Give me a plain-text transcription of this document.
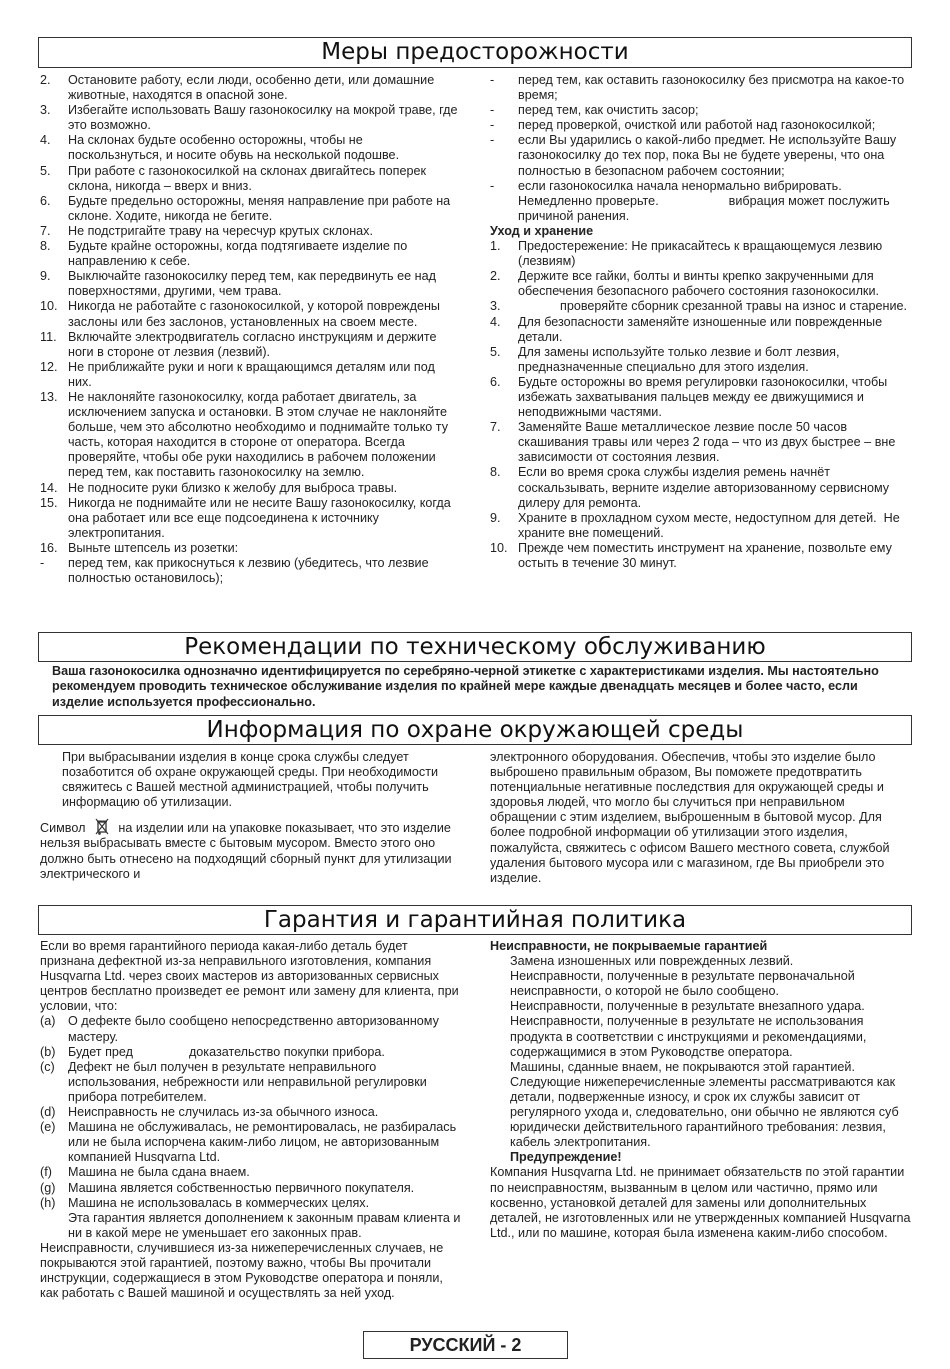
Меры предосторожности
2. Остановите работу, если люди, особенно дети, или домашние животные, находятся в опасной зоне.
3. Избегайте использовать Вашу газонокосилку на мокрой траве, где это возможно.
4. На склонах будьте особенно осторожны, чтобы не поскользнуться, и носите обувь на несколькой подошве.
5. При работе с газонокосилкой на склонах двигайтесь поперек склона, никогда – вверх и вниз.
6. Будьте предельно осторожны, меняя направление при работе на склоне. Ходите, никогда не бегите.
7. Не подстригайте траву на чересчур крутых склонах.
8. Будьте крайне осторожны, когда подтягиваете изделие по направлению к себе.
9. Выключайте газонокосилку перед тем, как передвинуть ее над поверхностями, другими, чем трава.
10. Никогда не работайте с газонокосилкой, у которой повреждены заслоны или без заслонов, установленных на своем месте.
11. Включайте электродвигатель согласно инструкциям и держите ноги в стороне от лезвия (лезвий).
12. Не приближайте руки и ноги к вращающимся деталям или под них.
13. Не наклоняйте газонокосилку, когда работает двигатель, за исключением запуска и остановки. В этом случае не наклоняйте больше, чем это абсолютно необходимо и поднимайте только ту часть, которая находится в стороне от оператора. Всегда проверяйте, чтобы обе руки находились в рабочем положении перед тем, как поставить газонокосилку на землю.
14. Не подносите руки близко к желобу для выброса травы.
15. Никогда не поднимайте или не несите Вашу газонокосилку, когда она работает или все еще подсоединена к источнику электропитания.
16. Выньте штепсель из розетки:
- перед тем, как прикоснуться к лезвию (убедитесь, что лезвие полностью остановилось);
- перед тем, как оставить газонокосилку без присмотра на какое-то время;
- перед тем, как очистить засор;
- перед проверкой, очисткой или работой над газонокосилкой;
- если Вы ударились о какой-либо предмет. Не используйте Вашу газонокосилку до тех пор, пока Вы не будете уверены, что она полностью в безопасном рабочем состоянии;
- если газонокосилка начала ненормально вибрировать. Немедленно проверьте.                    вибрация может послужить причиной ранения.
Уход и хранение
1. Предостережение: Не прикасайтесь к вращающемуся лезвию (лезвиям)
2. Держите все гайки, болты и винты крепко закрученными для обеспечения безопасного рабочего состояния газонокосилки.
3. проверяйте сборник срезанной травы на износ и старение.
4. Для безопасности заменяйте изношенные или поврежденные детали.
5. Для замены используйте только лезвие и болт лезвия, предназначенные специально для этого изделия.
6. Будьте осторожны во время регулировки газонокосилки, чтобы избежать захватывания пальцев между ее движущимися и неподвижными частями.
7. Заменяйте Ваше металлическое лезвие после 50 часов скашивания травы или через 2 года – что из двух быстрее – вне зависимости от состояния лезвия.
8. Если во время срока службы изделия ремень начнёт соскальзывать, верните изделие авторизованному сервисному дилеру для ремонта.
9. Храните в прохладном сухом месте, недоступном для детей.  Не храните вне помещений.
10. Прежде чем поместить инструмент на хранение, позвольте ему остыть в течение 30 минут.
Рекомендации по техническому обслуживанию
Ваша газонокосилка однозначно идентифицируется по серебряно-черной этикетке с характеристиками изделия. Мы настоятельно рекомендуем проводить техническое обслуживание изделия по крайней мере каждые двенадцать месяцев и более часто, если изделие используется профессионально.
Информация по охране окружающей среды

При выбрасывании изделия в конце срока службы следует позаботится об охране окружающей среды. При необходимости свяжитесь с Вашей местной администрацией, чтобы получить информацию об утилизации.

Символ	на изделии или на упаковке показывает, что это изделие нельзя выбрасывать вместе с бытовым мусором. Вместо этого оно должно быть отнесено на подходящий сборный пункт для утилизации электрического и

электронного оборудования. Обеспечив, чтобы это изделие было выброшено правильным образом, Вы поможете предотвратить потенциальные негативные последствия для окружающей среды и здоровья людей, что могло бы случиться при неправильном обращении с этим изделием, выброшенным в бытовой мусор. Для более подробной информации об утилизации этого изделия, пожалуйста, свяжитесь с офисом Вашего местного совета, службой удаления бытового мусора или с магазином, где Вы приобрели это изделие.

Гарантия и гарантийная политика

Если во время гарантийного периода какая-либо деталь будет признана дефектной из-за неправильного изготовления, компания Husqvarna Ltd. через своих мастеров из авторизованных сервисных центров бесплатно произведет ее ремонт или замену для клиента, при условии, что:

(a) О дефекте было сообщено непосредственно авторизованному мастеру.
(b) Будет пред                доказательство покупки прибора.
(c) Дефект не был получен в результате неправильного использования, небрежности или неправильной регулировки прибора потребителем.
(d) Неисправность не случилась из-за обычного износа.
(e) Машина не обслуживалась, не ремонтировалась, не разбиралась или не была испорчена каким-либо лицом, не авторизованным компанией Husqvarna Ltd.
(f) Машина не была сдана внаем.
(g) Машина является собственностью первичного покупателя.
(h) Машина не использовалась в коммерческих целях.

Эта гарантия является дополнением к законным правам клиента и ни в какой мере не уменьшает его законных прав.

Неисправности, случившиеся из-за нижеперечисленных случаев, не покрываются этой гарантией, поэтому важно, чтобы Вы прочитали инструкции, содержащиеся в этом Руководстве оператора и поняли, как работать с Вашей машиной и осуществлять за ней уход.

Неисправности, не покрываемые гарантией
Замена изношенных или поврежденных лезвий.
Неисправности, полученные в результате первоначальной неисправности, о которой не было сообщено.
Неисправности, полученные в результате внезапного удара.
Неисправности, полученные в результате не использования продукта в соответствии с инструкциями и рекомендациями, содержащимися в этом Руководстве оператора.
Машины, сданные внаем, не покрываются этой гарантией.
Следующие нижеперечисленные элементы рассматриваются как детали, подверженные износу, и срок их службы зависит от регулярного ухода и, следовательно, они обычно не являются суб юридически действительного гарантийного требования: лезвия, кабель электропитания.
Предупреждение!

Компания Husqvarna Ltd. не принимает обязательств по этой гарантии по неисправностям, вызванным в целом или частично, прямо или косвенно, установкой деталей для замены или дополнительных деталей, не изготовленных или не утвержденных компанией Husqvarna Ltd., или по машине, которая была изменена каким-либо способом.

РУССКИЙ - 2
